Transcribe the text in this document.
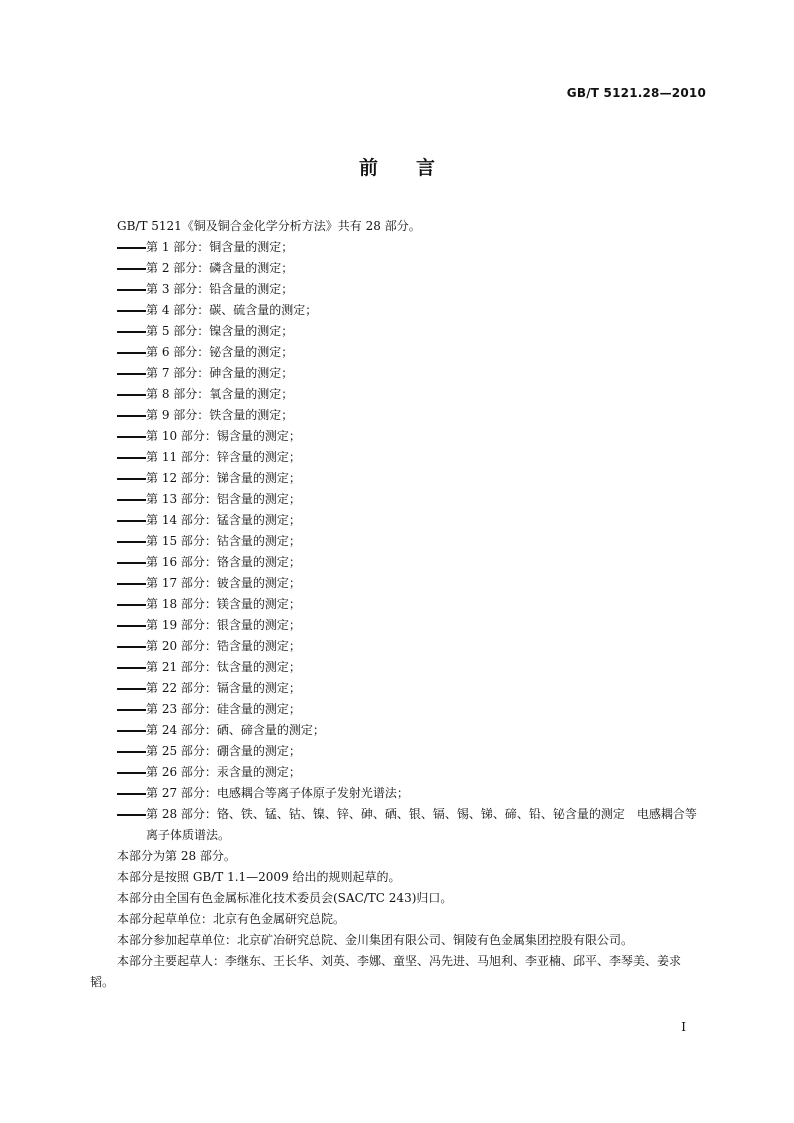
GB/T 5121.28—2010
前 言

GB/T 5121《铜及铜合金化学分析方法》共有 28 部分。

第 1 部分：铜含量的测定；
第 2 部分：磷含量的测定；
第 3 部分：铅含量的测定；
第 4 部分：碳、硫含量的测定；
第 5 部分：镍含量的测定；
第 6 部分：铋含量的测定；
第 7 部分：砷含量的测定；
第 8 部分：氧含量的测定；
第 9 部分：铁含量的测定；
第 10 部分：锡含量的测定；
第 11 部分：锌含量的测定；
第 12 部分：锑含量的测定；
第 13 部分：铝含量的测定；
第 14 部分：锰含量的测定；
第 15 部分：钴含量的测定；
第 16 部分：铬含量的测定；
第 17 部分：铍含量的测定；
第 18 部分：镁含量的测定；
第 19 部分：银含量的测定；
第 20 部分：锆含量的测定；
第 21 部分：钛含量的测定；
第 22 部分：镉含量的测定；
第 23 部分：硅含量的测定；
第 24 部分：硒、碲含量的测定；
第 25 部分：硼含量的测定；
第 26 部分：汞含量的测定；
第 27 部分：电感耦合等离子体原子发射光谱法；
第 28 部分：铬、铁、锰、钴、镍、锌、砷、硒、银、镉、锡、锑、碲、铅、铋含量的测定　电感耦合等离子体质谱法。

本部分为第 28 部分。

本部分是按照 GB/T 1.1—2009 给出的规则起草的。

本部分由全国有色金属标准化技术委员会(SAC/TC 243)归口。

本部分起草单位：北京有色金属研究总院。

本部分参加起草单位：北京矿冶研究总院、金川集团有限公司、铜陵有色金属集团控股有限公司。

本部分主要起草人：李继东、王长华、刘英、李娜、童坚、冯先进、马旭利、李亚楠、邱平、李琴美、姜求韬。

I
